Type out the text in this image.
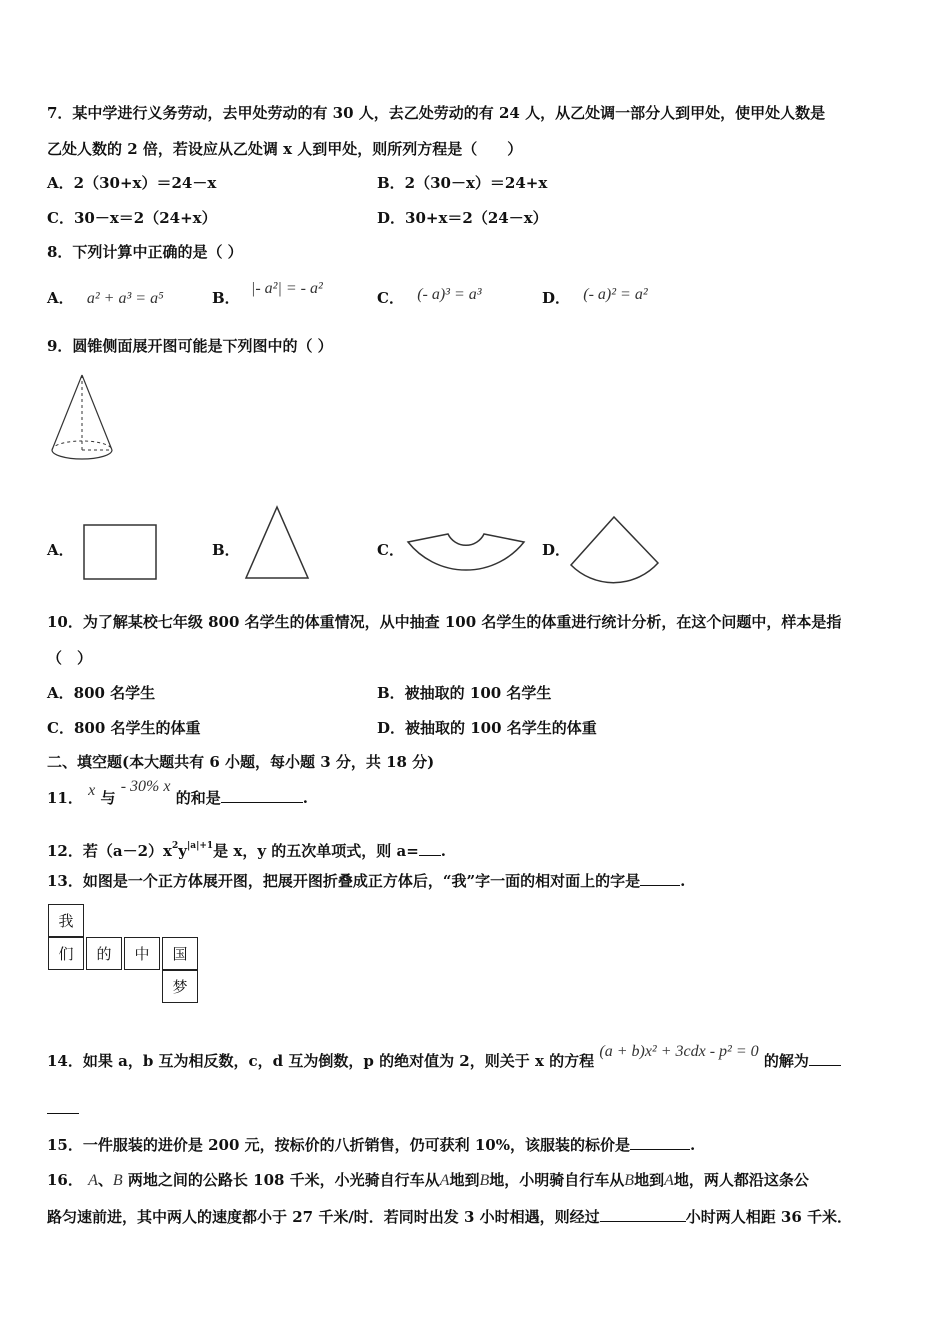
7．某中学进行义务劳动，去甲处劳动的有 30 人，去乙处劳动的有 24 人，从乙处调一部分人到甲处，使甲处人数是
乙处人数的 2 倍，若设应从乙处调 x 人到甲处，则所列方程是（　　）
A．2（30+x）＝24－x	B．2（30－x）＝24+x
C．30－x＝2（24+x）	D．30+x＝2（24－x）
8．下列计算中正确的是（ ）
A． a² + a³ = a⁵	B． |- a²| = - a²
C． (- a)³ = a³	D． (- a)² = a²
9．圆锥侧面展开图可能是下列图中的（ ）
A．	B．	C．	D．
10．为了解某校七年级 800 名学生的体重情况，从中抽查 100 名学生的体重进行统计分析，在这个问题中，样本是指
（　）
A．800 名学生	B．被抽取的 100 名学生
C．800 名学生的体重	D．被抽取的 100 名学生的体重
二、填空题(本大题共有 6 小题，每小题 3 分，共 18 分)
11． x 与 - 30% x 的和是	.
12．若$(a-2)x^2y^{|a|+1}$是 x，y 的五次单项式，则 a= .
13．如图是一个正方体展开图，把展开图折叠成正方体后，“我”字一面的相对面上的字是	.
我
们	的	中	国
梦
14．如果 a，b 互为相反数，c，d 互为倒数，p 的绝对值为 2，则关于 x 的方程 (a + b)x² + 3cdx - p² = 0 的解为
15．一件服装的进价是 200 元，按标价的八折销售，仍可获利 10%，该服装的标价是	.
16． A、B 两地之间的公路长 108 千米，小光骑自行车从A地到B地，小明骑自行车从B地到A地，两人都沿这条公
路匀速前进，其中两人的速度都小于 27 千米/时．若同时出发 3 小时相遇，则经过	小时两人相距 36 千米．
